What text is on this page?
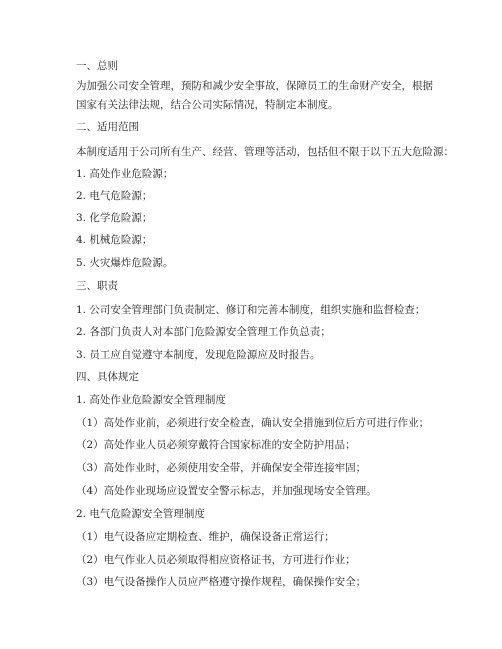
一、总则
为加强公司安全管理，预防和减少安全事故，保障员工的生命财产安全，根据国家有关法律法规，结合公司实际情况，特制定本制度。
二、适用范围
本制度适用于公司所有生产、经营、管理等活动，包括但不限于以下五大危险源：
1. 高处作业危险源；
2. 电气危险源；
3. 化学危险源；
4. 机械危险源；
5. 火灾爆炸危险源。
三、职责
1. 公司安全管理部门负责制定、修订和完善本制度，组织实施和监督检查；
2. 各部门负责人对本部门危险源安全管理工作负总责；
3. 员工应自觉遵守本制度，发现危险源应及时报告。
四、具体规定
1. 高处作业危险源安全管理制度
（1）高处作业前，必须进行安全检查，确认安全措施到位后方可进行作业；
（2）高处作业人员必须穿戴符合国家标准的安全防护用品；
（3）高处作业时，必须使用安全带，并确保安全带连接牢固；
（4）高处作业现场应设置安全警示标志，并加强现场安全管理。
2. 电气危险源安全管理制度
（1）电气设备应定期检查、维护，确保设备正常运行；
（2）电气作业人员必须取得相应资格证书，方可进行作业；
（3）电气设备操作人员应严格遵守操作规程，确保操作安全；
